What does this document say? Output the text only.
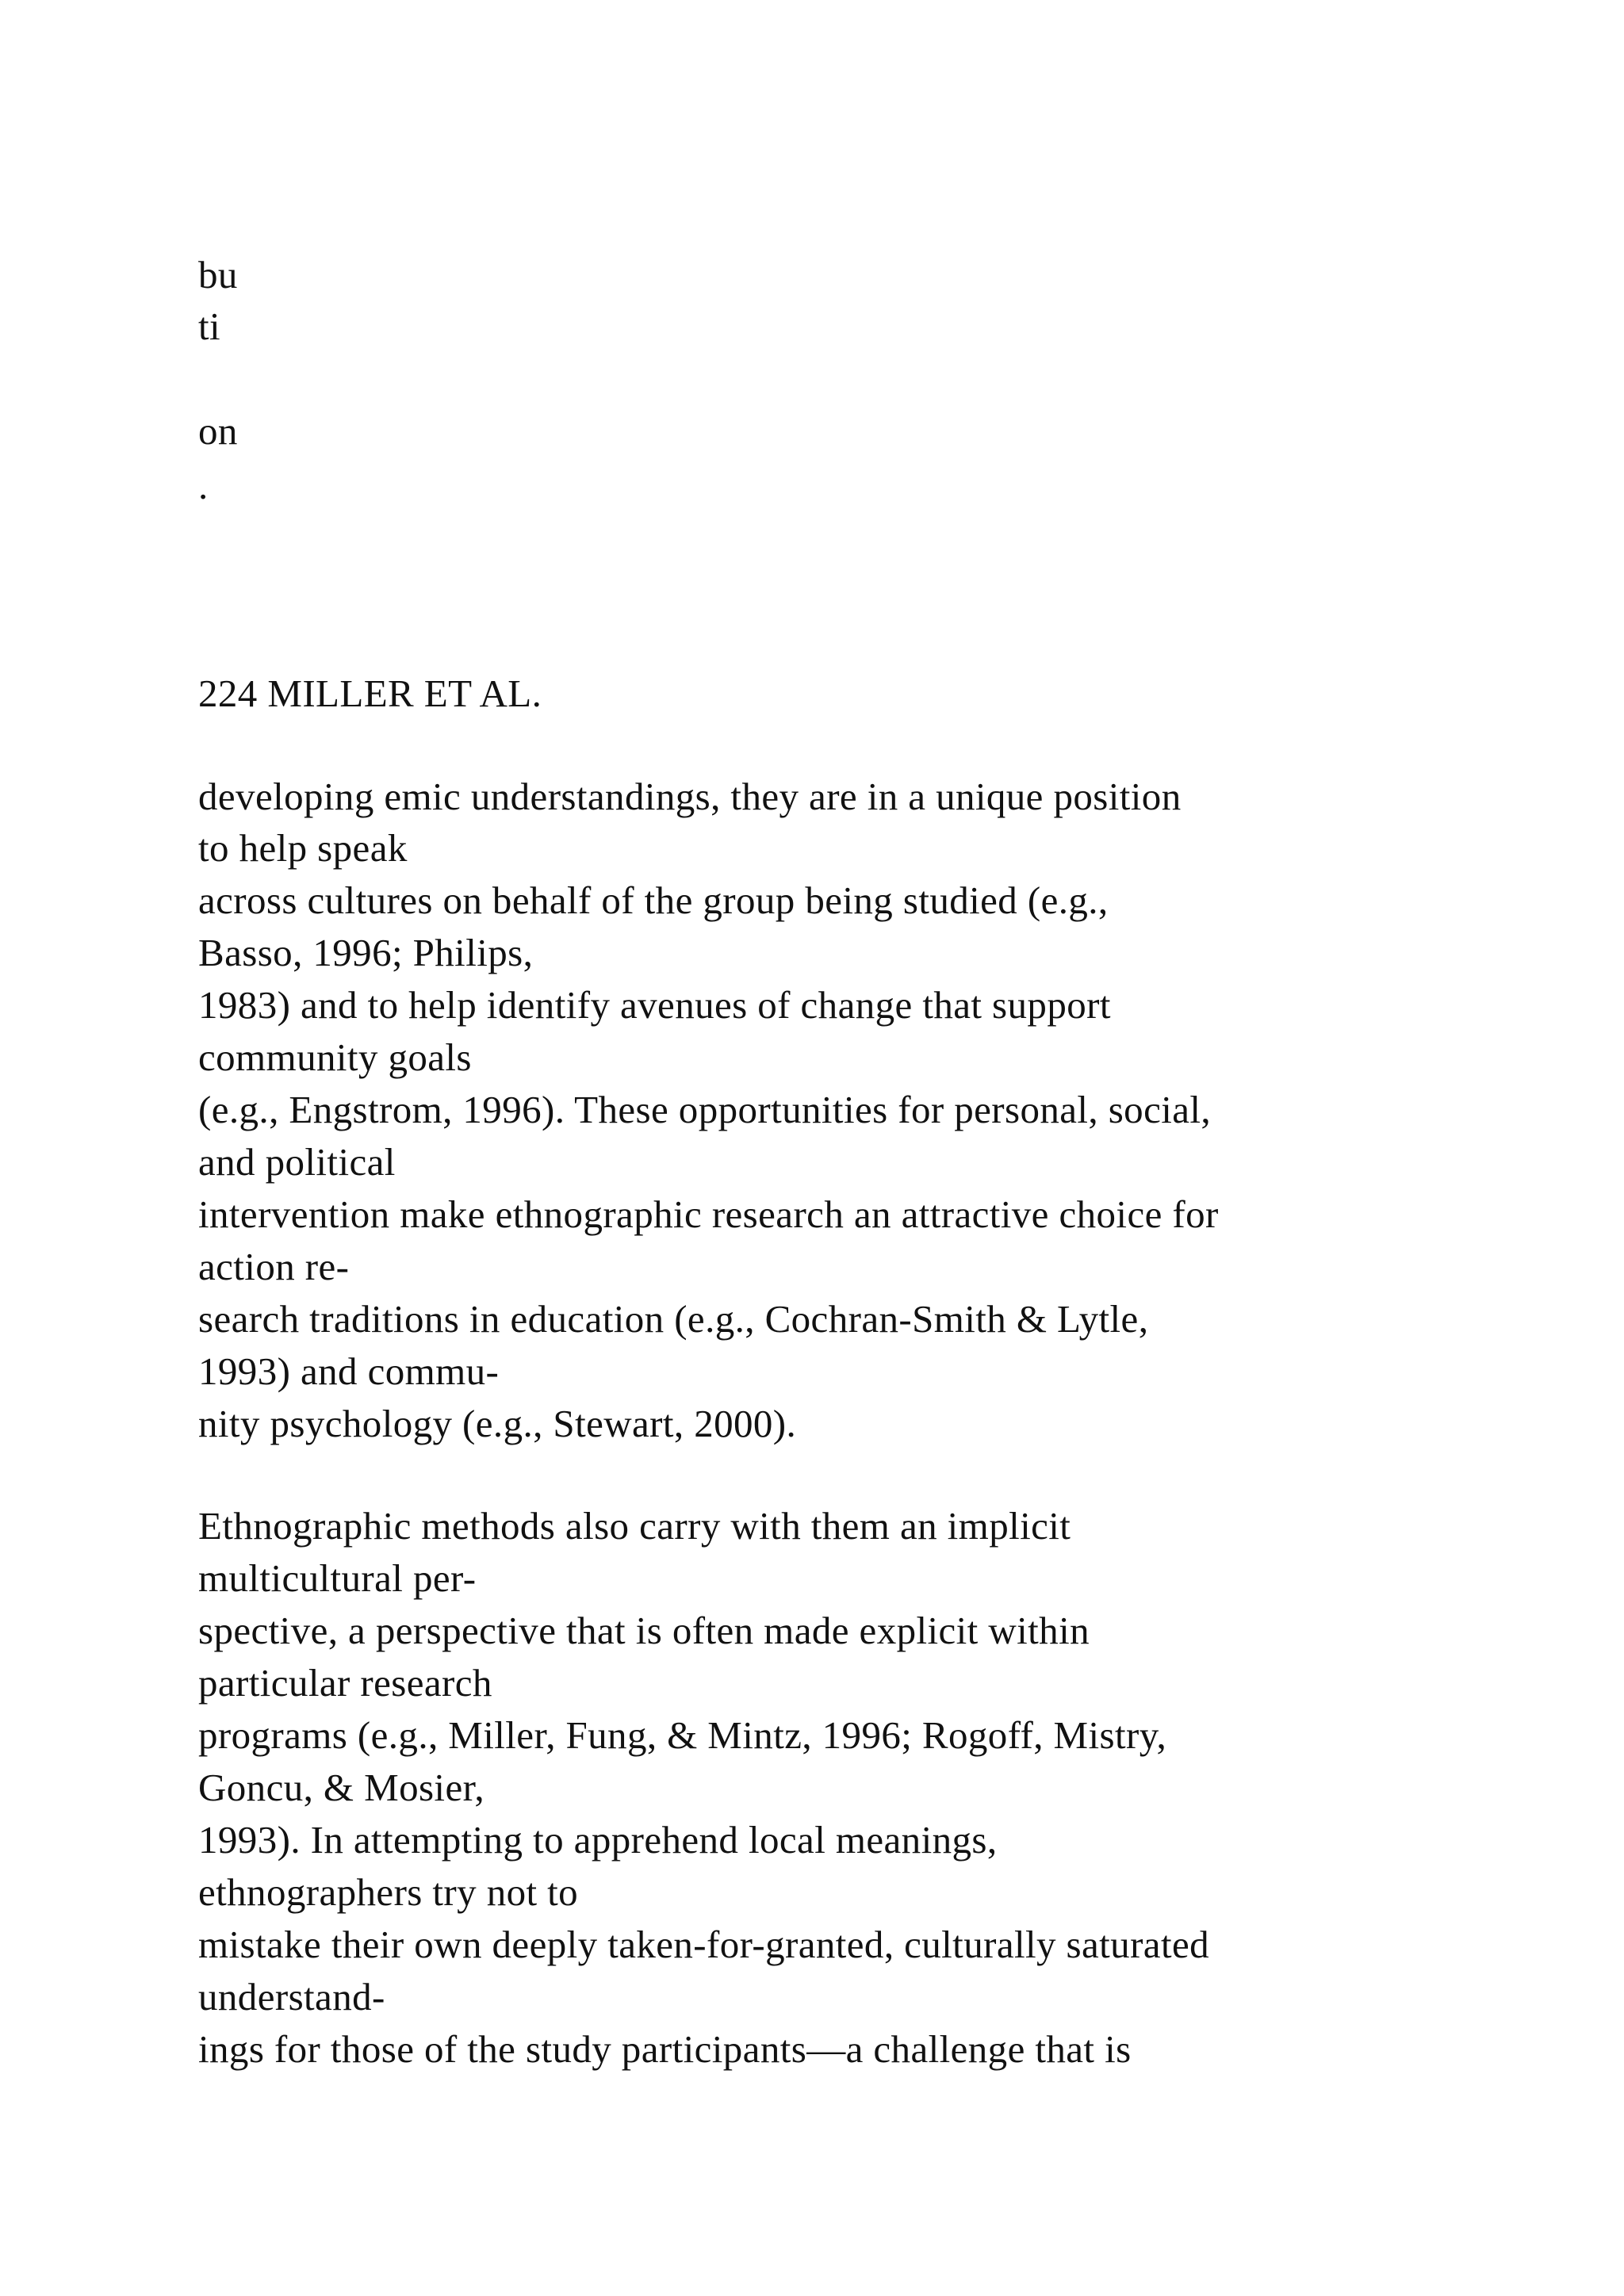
bu
ti
on
.
224 MILLER ET AL.
developing emic understandings, they are in a unique position
to help speak
across cultures on behalf of the group being studied (e.g.,
Basso, 1996; Philips,
1983) and to help identify avenues of change that support
community goals
(e.g., Engstrom, 1996). These opportunities for personal, social,
and political
intervention make ethnographic research an attractive choice for
action re-
search traditions in education (e.g., Cochran-Smith & Lytle,
1993) and commu-
nity psychology (e.g., Stewart, 2000).
Ethnographic methods also carry with them an implicit
multicultural per-
spective, a perspective that is often made explicit within
particular research
programs (e.g., Miller, Fung, & Mintz, 1996; Rogoff, Mistry,
Goncu, & Mosier,
1993). In attempting to apprehend local meanings,
ethnographers try not to
mistake their own deeply taken-for-granted, culturally saturated
understand-
ings for those of the study participants—a challenge that is
